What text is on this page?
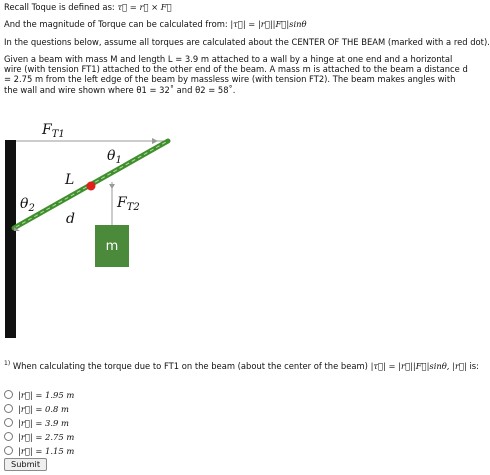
Recall Toque is defined as: τ⃗ = r⃗ × F⃗
And the magnitude of Torque can be calculated from: |τ⃗| = |r⃗||F⃗|sinθ
In the questions below, assume all torques are calculated about the CENTER OF THE BEAM (marked with a red dot).
Given a beam with mass M and length L = 3.9 m attached to a wall by a hinge at one end and a horizontal wire (with tension FT1) attached to the other end of the beam. A mass m is attached to the beam a distance d = 2.75 m from the left edge of the beam by massless wire (with tension FT2). The beam makes angles with the wall and wire shown where θ1 = 32˚ and θ2 = 58˚.
m
$F_{T1}$
$\theta_1$
L
$\theta_2$
d
$F_{T2}$
$^{1)}$ When calculating the torque due to FT1 on the beam (about the center of the beam) |τ⃗| = |r⃗||F⃗|sinθ, |r⃗| is:
|r⃗| = 1.95 m
|r⃗| = 0.8 m
|r⃗| = 3.9 m
|r⃗| = 2.75 m
|r⃗| = 1.15 m
Submit
